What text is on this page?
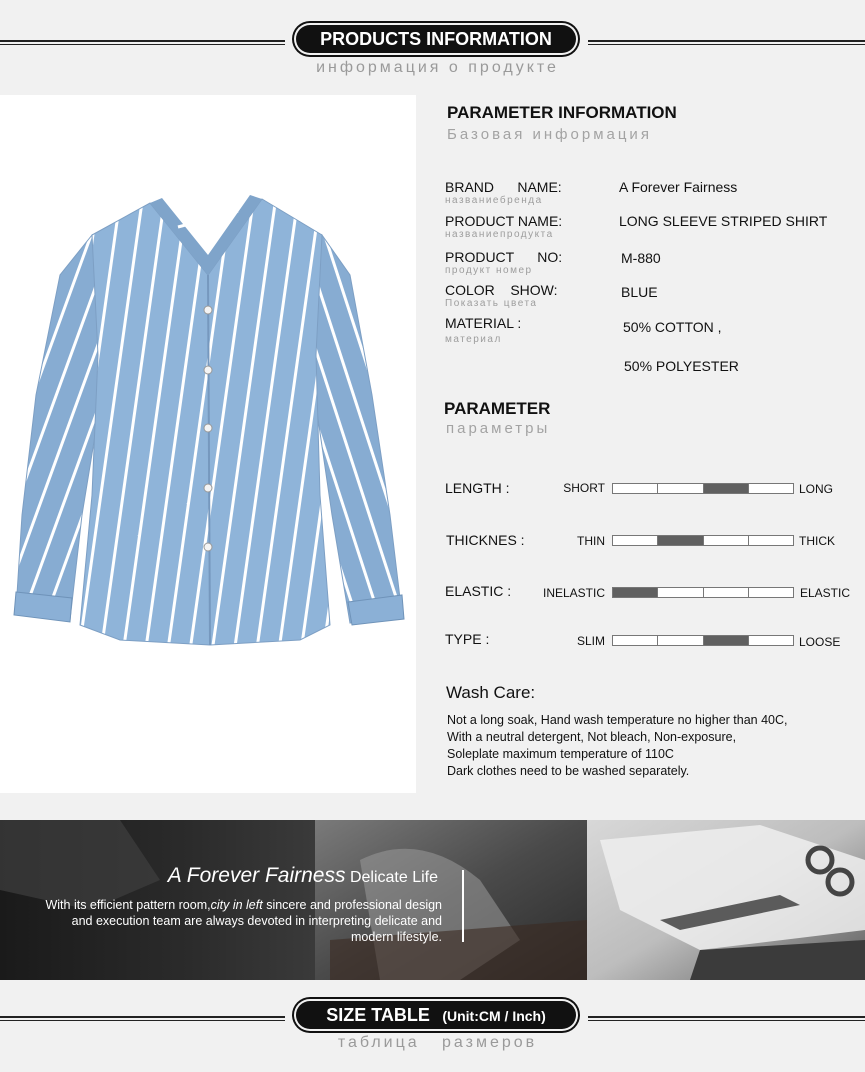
PRODUCTS INFORMATION
информация о продукте
PARAMETER INFORMATION
Базовая информация
BRAND      NAME:
названиебренда
A Forever Fairness
PRODUCT NAME:
названиепродукта
LONG SLEEVE STRIPED SHIRT
PRODUCT      NO:
продукт номер
M-880
COLOR    SHOW:
Показать цвета
BLUE
MATERIAL :
материал
50% COTTON ,
50% POLYESTER
PARAMETER
параметры
LENGTH :	SHORT	LONG
THICKNES :	THIN	THICK
ELASTIC :	INELASTIC	ELASTIC
TYPE :	SLIM	LOOSE
Wash Care:
Not a long soak, Hand wash temperature no higher than 40C,
With a neutral detergent, Not bleach, Non-exposure,
Soleplate maximum temperature of 110C
Dark clothes need to be washed separately.
A Forever Fairness Delicate Life
With its efficient pattern room,city in left sincere and professional design
and execution team are always devoted in interpreting delicate and
modern lifestyle.
SIZE TABLE (Unit:CM / Inch)
таблица   размеров
